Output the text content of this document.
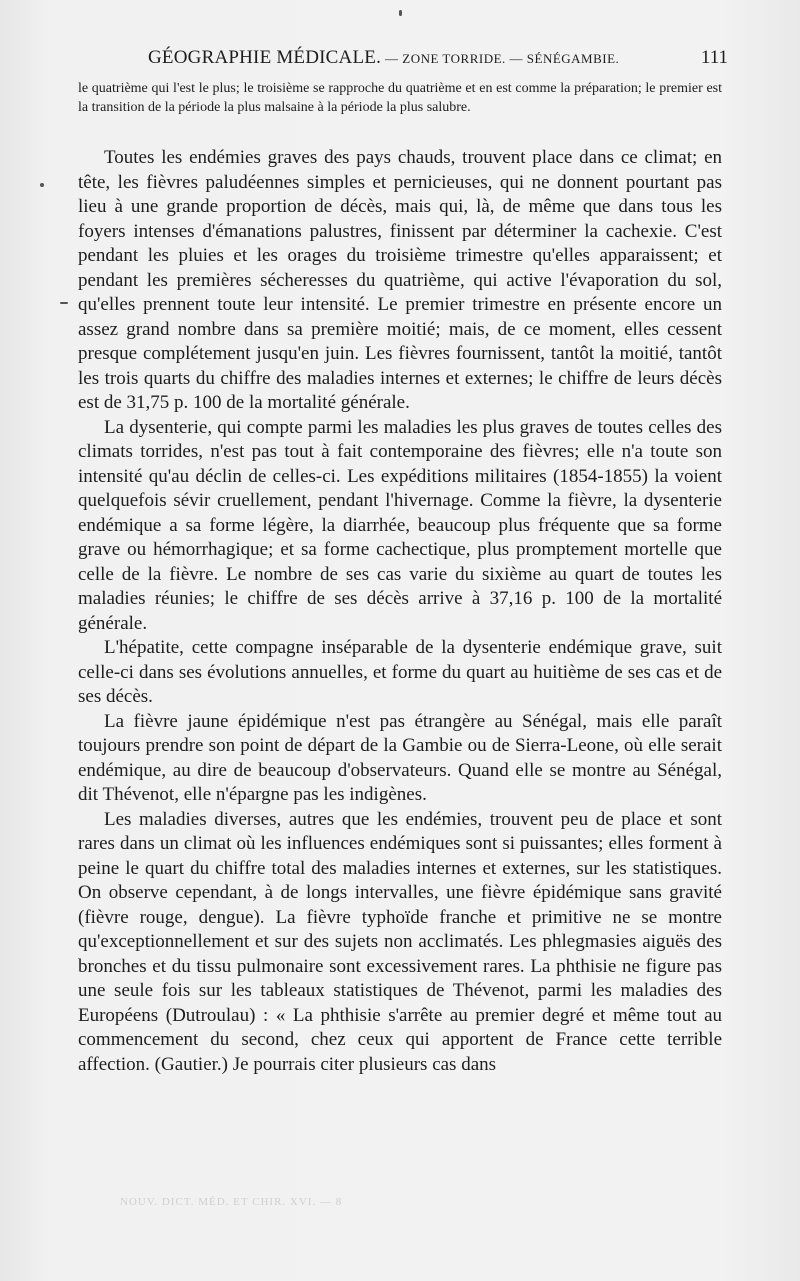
GÉOGRAPHIE MÉDICALE. — ZONE TORRIDE. — SÉNÉGAMBIE.	111
le quatrième qui l'est le plus; le troisième se rapproche du quatrième et en est comme la préparation; le premier est la transition de la période la plus malsaine à la période la plus salubre.

Toutes les endémies graves des pays chauds, trouvent place dans ce climat; en tête, les fièvres paludéennes simples et pernicieuses, qui ne donnent pourtant pas lieu à une grande proportion de décès, mais qui, là, de même que dans tous les foyers intenses d'émanations palustres, finissent par déterminer la cachexie. C'est pendant les pluies et les orages du troisième trimestre qu'elles apparaissent; et pendant les premières sécheresses du quatrième, qui active l'évaporation du sol, qu'elles prennent toute leur intensité. Le premier trimestre en présente encore un assez grand nombre dans sa première moitié; mais, de ce moment, elles cessent presque complétement jusqu'en juin. Les fièvres fournissent, tantôt la moitié, tantôt les trois quarts du chiffre des maladies internes et externes; le chiffre de leurs décès est de 31,75 p. 100 de la mortalité générale.

La dysenterie, qui compte parmi les maladies les plus graves de toutes celles des climats torrides, n'est pas tout à fait contemporaine des fièvres; elle n'a toute son intensité qu'au déclin de celles-ci. Les expéditions militaires (1854-1855) la voient quelquefois sévir cruellement, pendant l'hivernage. Comme la fièvre, la dysenterie endémique a sa forme légère, la diarrhée, beaucoup plus fréquente que sa forme grave ou hémorrhagique; et sa forme cachectique, plus promptement mortelle que celle de la fièvre. Le nombre de ses cas varie du sixième au quart de toutes les maladies réunies; le chiffre de ses décès arrive à 37,16 p. 100 de la mortalité générale.

L'hépatite, cette compagne inséparable de la dysenterie endémique grave, suit celle-ci dans ses évolutions annuelles, et forme du quart au huitième de ses cas et de ses décès.

La fièvre jaune épidémique n'est pas étrangère au Sénégal, mais elle paraît toujours prendre son point de départ de la Gambie ou de Sierra-Leone, où elle serait endémique, au dire de beaucoup d'observateurs. Quand elle se montre au Sénégal, dit Thévenot, elle n'épargne pas les indigènes.

Les maladies diverses, autres que les endémies, trouvent peu de place et sont rares dans un climat où les influences endémiques sont si puissantes; elles forment à peine le quart du chiffre total des maladies internes et externes, sur les statistiques. On observe cependant, à de longs intervalles, une fièvre épidémique sans gravité (fièvre rouge, dengue). La fièvre typhoïde franche et primitive ne se montre qu'exceptionnellement et sur des sujets non acclimatés. Les phlegmasies aiguës des bronches et du tissu pulmonaire sont excessivement rares. La phthisie ne figure pas une seule fois sur les tableaux statistiques de Thévenot, parmi les maladies des Européens (Dutroulau) : « La phthisie s'arrête au premier degré et même tout au commencement du second, chez ceux qui apportent de France cette terrible affection. (Gautier.) Je pourrais citer plusieurs cas dans

NOUV. DICT. MÉD. ET CHIR. XVI. — 8
